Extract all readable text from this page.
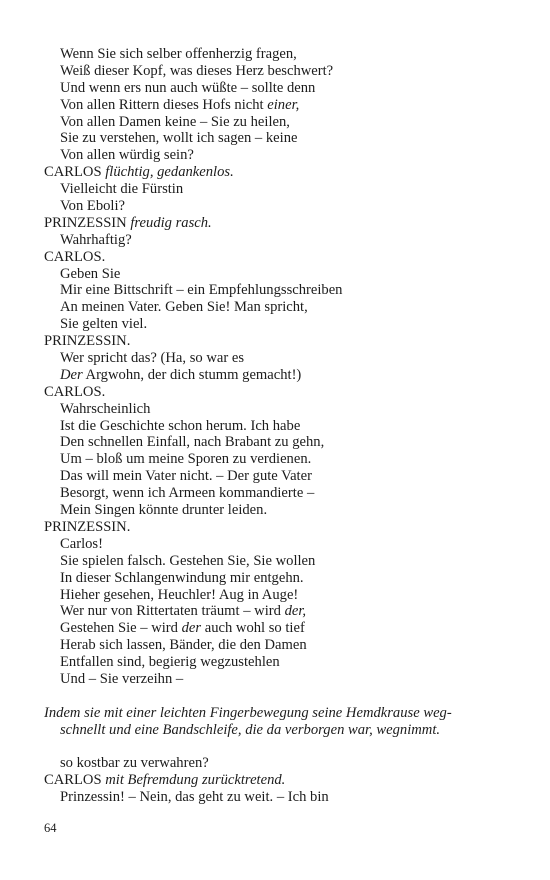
Wenn Sie sich selber offenherzig fragen,
Weiß dieser Kopf, was dieses Herz beschwert?
Und wenn ers nun auch wüßte – sollte denn
Von allen Rittern dieses Hofs nicht einer,
Von allen Damen keine – Sie zu heilen,
Sie zu verstehen, wollt ich sagen – keine
Von allen würdig sein?
CARLOS flüchtig, gedankenlos.
Vielleicht die Fürstin
Von Eboli?
PRINZESSIN freudig rasch.
Wahrhaftig?
CARLOS.
Geben Sie
Mir eine Bittschrift – ein Empfehlungsschreiben
An meinen Vater. Geben Sie! Man spricht,
Sie gelten viel.
PRINZESSIN.
Wer spricht das? (Ha, so war es
Der Argwohn, der dich stumm gemacht!)
CARLOS.
Wahrscheinlich
Ist die Geschichte schon herum. Ich habe
Den schnellen Einfall, nach Brabant zu gehn,
Um – bloß um meine Sporen zu verdienen.
Das will mein Vater nicht. – Der gute Vater
Besorgt, wenn ich Armeen kommandierte –
Mein Singen könnte drunter leiden.
PRINZESSIN.
Carlos!
Sie spielen falsch. Gestehen Sie, Sie wollen
In dieser Schlangenwindung mir entgehn.
Hieher gesehen, Heuchler! Aug in Auge!
Wer nur von Rittertaten träumt – wird der,
Gestehen Sie – wird der auch wohl so tief
Herab sich lassen, Bänder, die den Damen
Entfallen sind, begierig wegzustehlen
Und – Sie verzeihn –
Indem sie mit einer leichten Fingerbewegung seine Hemdkrause weg-
schnellt und eine Bandschleife, die da verborgen war, wegnimmt.
so kostbar zu verwahren?
CARLOS mit Befremdung zurücktretend.
Prinzessin! – Nein, das geht zu weit. – Ich bin
64
